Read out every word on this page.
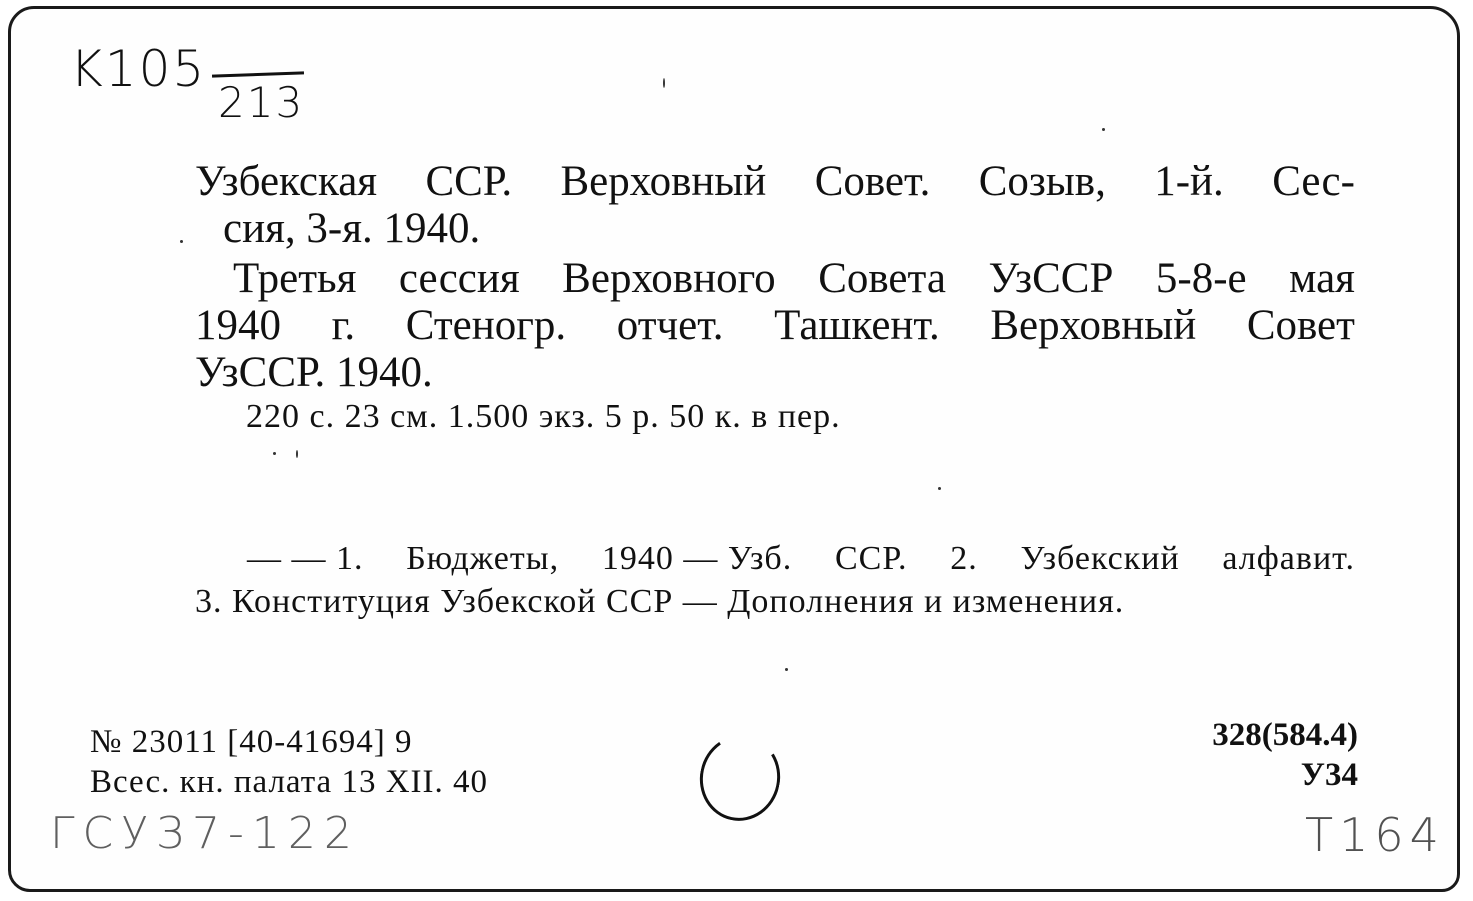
K105
213
Узбекская ССР. Верховный Совет. Созыв, 1-й. Сес-
сия, 3-я. 1940.
Третья сессия Верховного Совета УзССР 5-8-е мая
1940 г. Стеногр. отчет. Ташкент. Верховный Совет
УзССР. 1940.
220 с. 23 см. 1.500 экз. 5 р. 50 к. в пер.
— — 1. Бюджеты, 1940 — Узб. ССР. 2. Узбекский алфавит.
3. Конституция Узбекской ССР — Дополнения и изменения.
№ 23011 [40-41694] 9
Всес. кн. палата 13 XII. 40
328(584.4)
У34
ГСУЗ7-122	Т164
